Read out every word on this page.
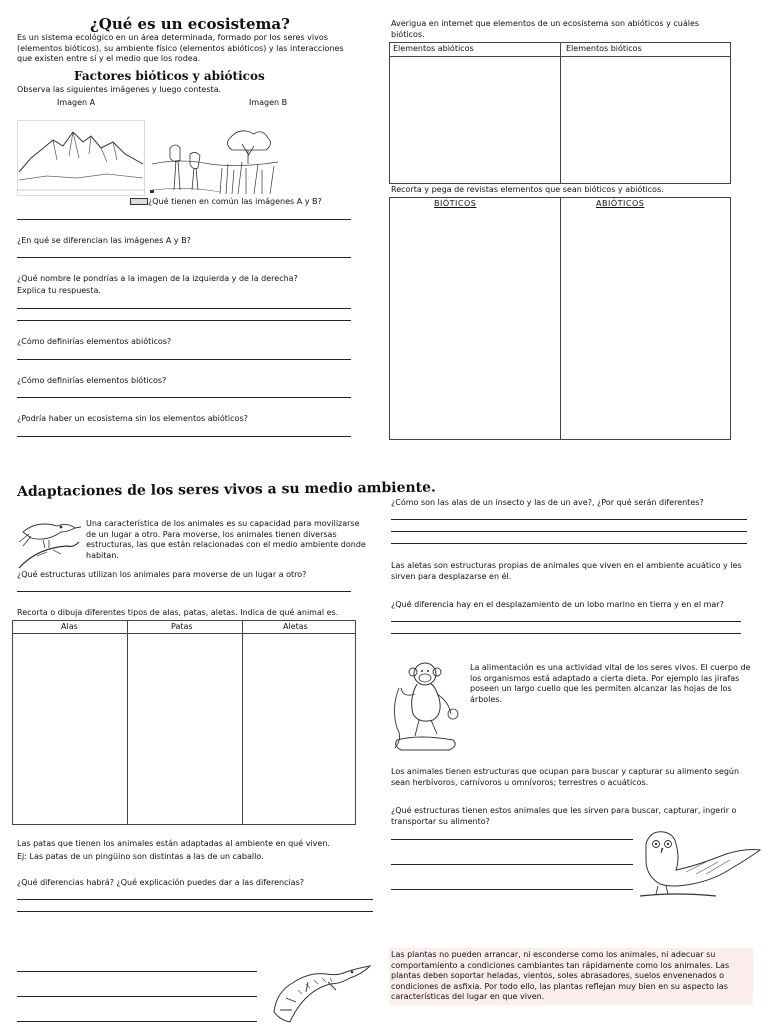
¿Qué es un ecosistema?
Es un sistema ecológico en un área determinada, formado por los seres vivos (elementos bióticos), su ambiente físico (elementos abióticos) y las interacciones que existen entre sí y el medio que los rodea.
Factores bióticos y abióticos
Observa las siguientes imágenes y luego contesta.
Imagen A	Imagen B
¿Qué tienen en común las imágenes A y B?
¿En qué se diferencian las imágenes A y B?
¿Qué nombre le pondrías a la imagen de la izquierda y de la derecha?
Explica tu respuesta.
¿Cómo definirías elementos abióticos?
¿Cómo definirías elementos bióticos?
¿Podría haber un ecosistema sin los elementos abióticos?
Averigua en internet que elementos de un ecosistema son abióticos y cuáles bióticos.
Elementos abióticos	Elementos bióticos
Recorta y pega de revistas elementos que sean bióticos y abióticos.
BIÓTICOS	ABIÓTICOS
Adaptaciones de los seres vivos a su medio ambiente.
Una característica de los animales es su capacidad para movilizarse de un lugar a otro. Para moverse, los animales tienen diversas estructuras, las que están relacionadas con el medio ambiente donde habitan.
¿Qué estructuras utilizan los animales para moverse de un lugar a otro?
Recorta o dibuja diferentes tipos de alas, patas, aletas. Indica de qué animal es.
Alas	Patas	Aletas
Las patas que tienen los animales están adaptadas al ambiente en qué viven.
Ej: Las patas de un pingüino son distintas a las de un caballo.
¿Qué diferencias habrá? ¿Qué explicación puedes dar a las diferencias?
¿Cómo son las alas de un insecto y las de un ave?, ¿Por qué serán diferentes?
Las aletas son estructuras propias de animales que viven en el ambiente acuático y les sirven para desplazarse en él.
¿Qué diferencia hay en el desplazamiento de un lobo marino en tierra y en el mar?
La alimentación es una actividad vital de los seres vivos. El cuerpo de los organismos está adaptado a cierta dieta. Por ejemplo las jirafas poseen un largo cuello que les permiten alcanzar las hojas de los árboles.
Los animales tienen estructuras que ocupan para buscar y capturar su alimento según sean herbívoros, carnívoros u omnívoros; terrestres o acuáticos.
¿Qué estructuras tienen estos animales que les sirven para buscar, capturar, ingerir o transportar su alimento?
Las plantas no pueden arrancar, ni esconderse como los animales, ni adecuar su comportamiento a condiciones cambiantes tan rápidamente como los animales. Las plantas deben soportar heladas, vientos, soles abrasadores, suelos envenenados o condiciones de asfixia. Por todo ello, las plantas reflejan muy bien en su aspecto las características del lugar en que viven.
